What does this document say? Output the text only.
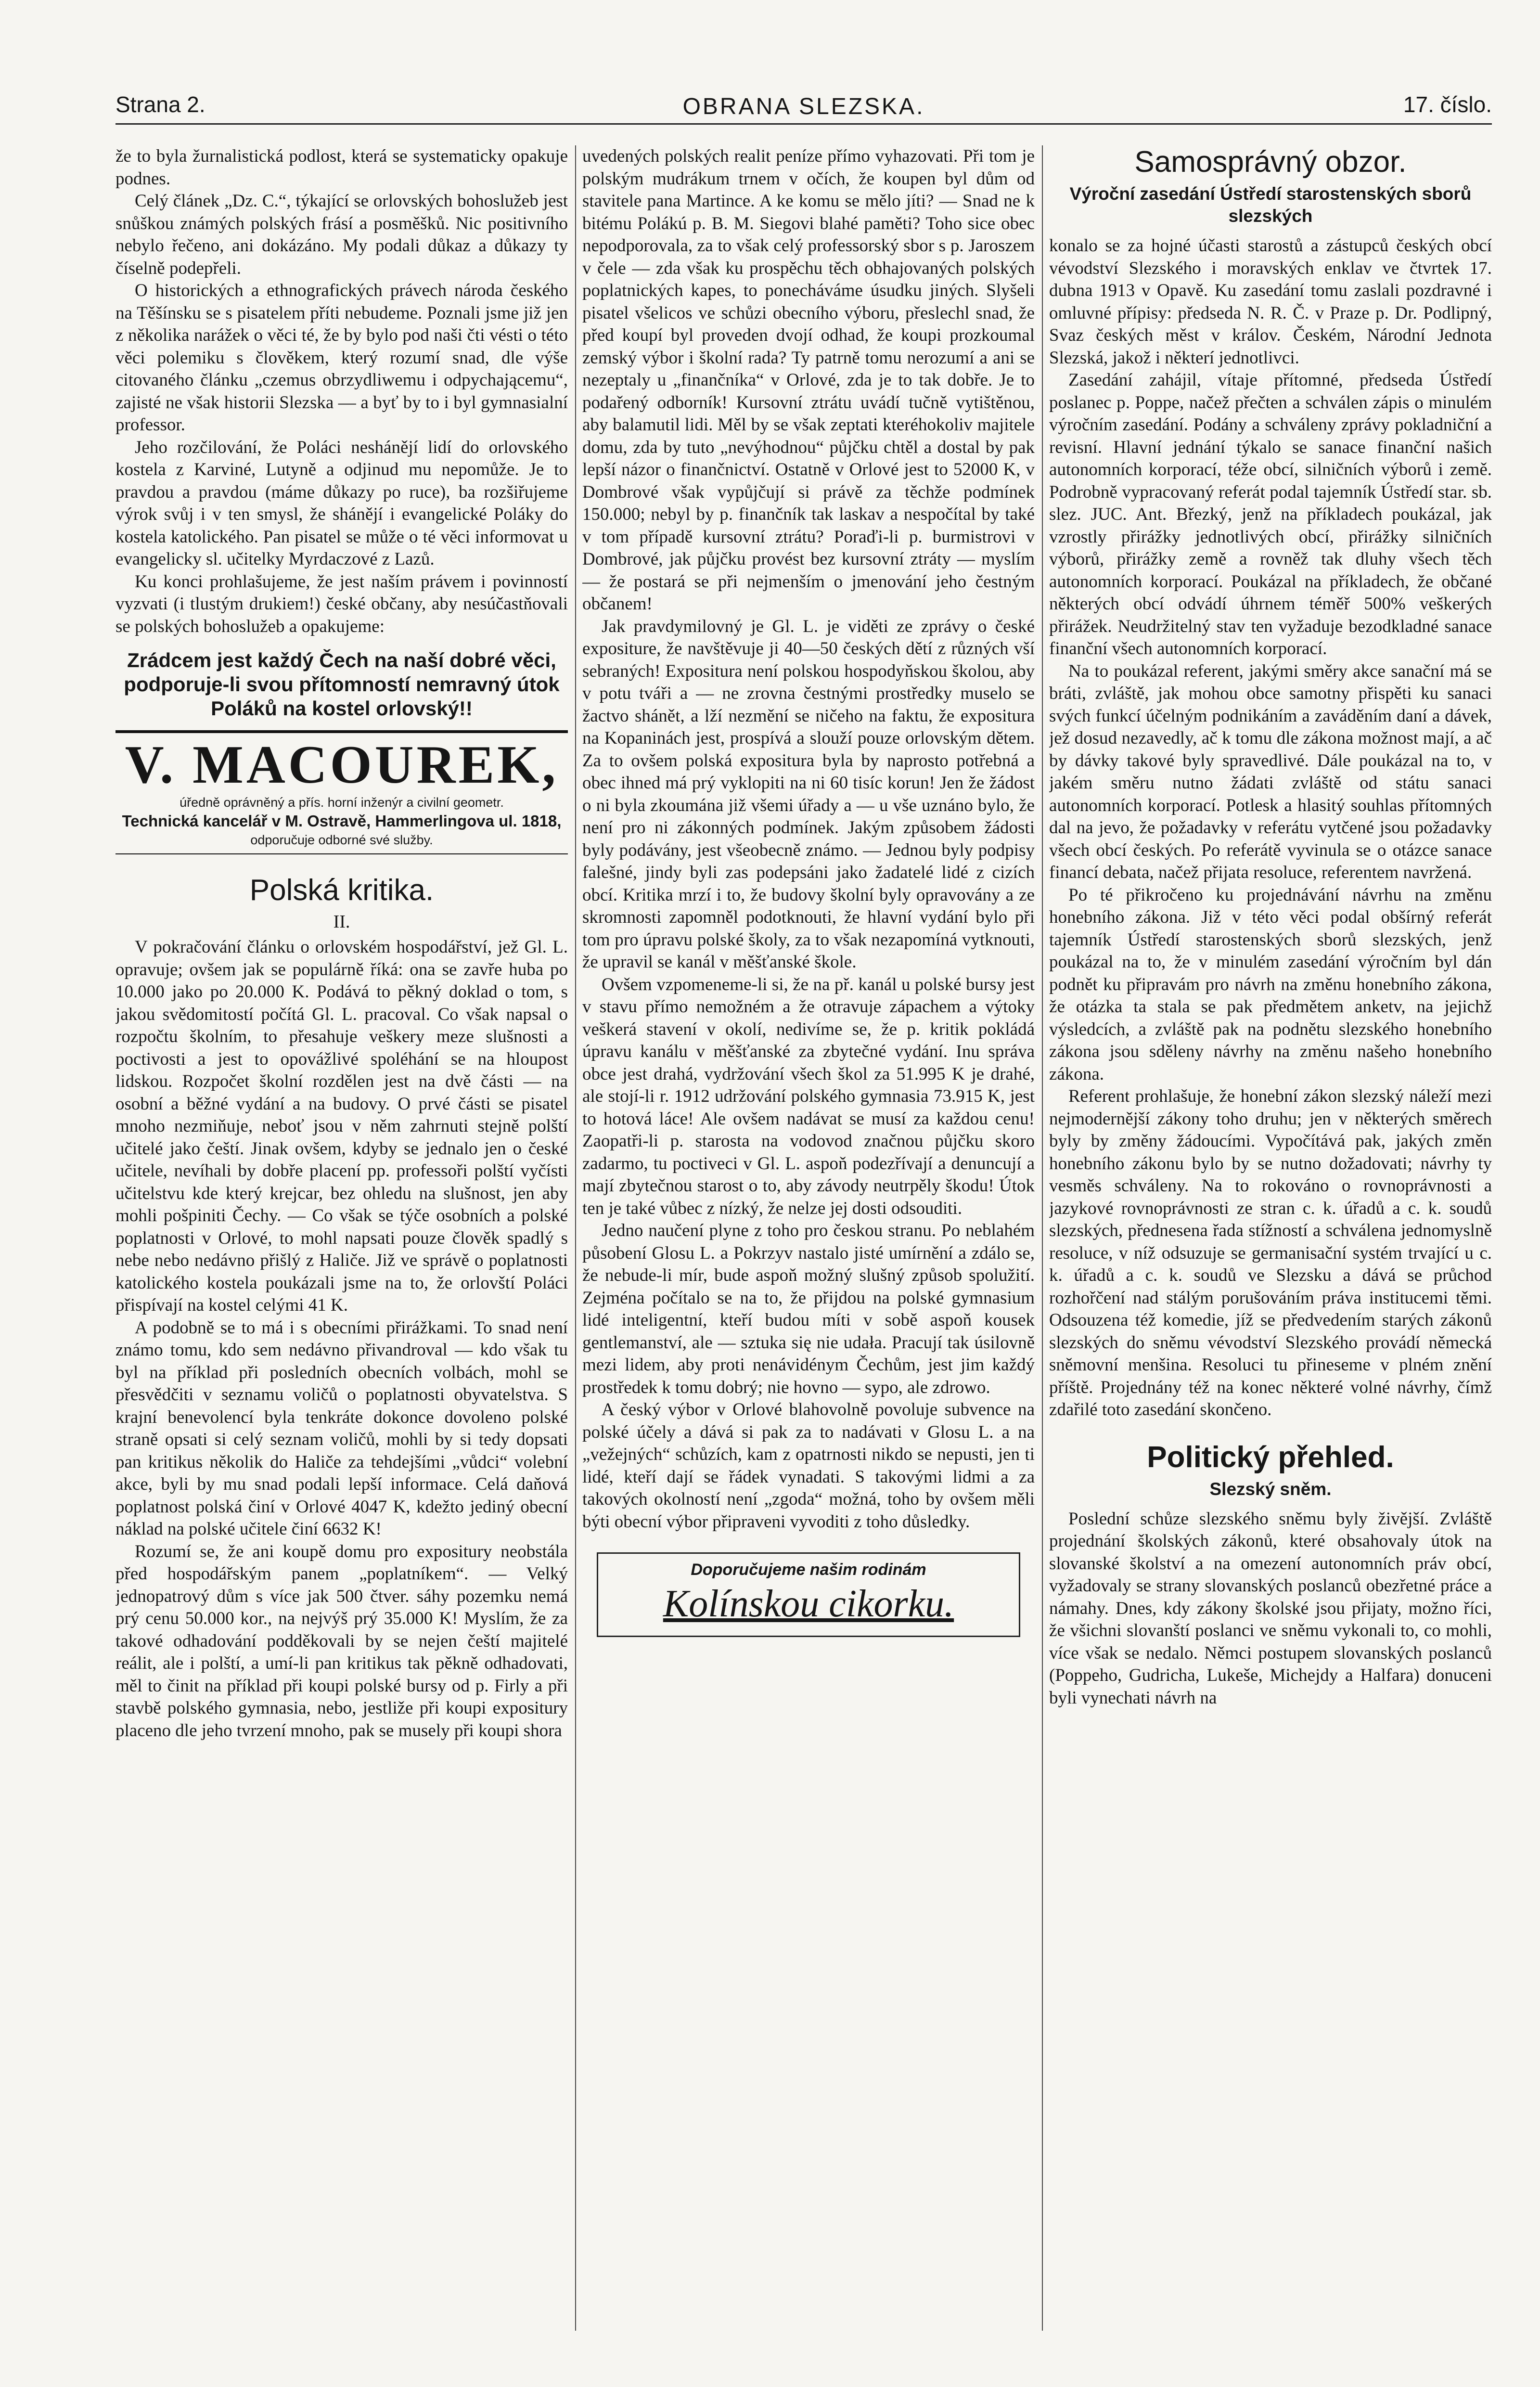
Strana 2.	OBRANA SLEZSKA.	17. číslo.

že to byla žurnalistická podlost, která se systematicky opakuje podnes.

Celý článek „Dz. C.“, týkající se orlovských bohoslužeb jest snůškou známých polských frásí a posměšků. Nic positivního nebylo řečeno, ani dokázáno. My podali důkaz a důkazy ty číselně podepřeli.

O historických a ethnografických právech národa českého na Těšínsku se s pisatelem příti nebudeme. Poznali jsme již jen z několika narážek o věci té, že by bylo pod naši čti vésti o této věci polemiku s člověkem, který rozumí snad, dle výše citovaného článku „czemus obrzydliwemu i odpychającemu“, zajisté ne však historii Slezska — a byť by to i byl gymnasialní professor.

Jeho rozčilování, že Poláci neshánějí lidí do orlovského kostela z Karviné, Lutyně a odjinud mu nepomůže. Je to pravdou a pravdou (máme důkazy po ruce), ba rozšiřujeme výrok svůj i v ten smysl, že shánějí i evangelické Poláky do kostela katolického. Pan pisatel se může o té věci informovat u evangelicky sl. učitelky Myrdaczové z Lazů.

Ku konci prohlašujeme, že jest naším právem i povinností vyzvati (i tlustým drukiem!) české občany, aby nesúčastňovali se polských bohoslužeb a opakujeme:

Zrádcem jest každý Čech na naší dobré věci, podporuje-li svou přítomností nemravný útok Poláků na kostel orlovský!!
V. MACOUREK,
úředně oprávněný a přís. horní inženýr a civilní geometr.
Technická kancelář v M. Ostravě, Hammerlingova ul. 1818,
odporučuje odborné své služby.
Polská kritika.
II.

V pokračování článku o orlovském hospodářství, jež Gl. L. opravuje; ovšem jak se populárně říká: ona se zavře huba po 10.000 jako po 20.000 K. Podává to pěkný doklad o tom, s jakou svědomitostí počítá Gl. L. pracoval. Co však napsal o rozpočtu školním, to přesahuje veškery meze slušnosti a poctivosti a jest to opovážlivé spoléhání se na hloupost lidskou. Rozpočet školní rozdělen jest na dvě části — na osobní a běžné vydání a na budovy. O prvé části se pisatel mnoho nezmiňuje, neboť jsou v něm zahrnuti stejně polští učitelé jako čeští. Jinak ovšem, kdyby se jednalo jen o české učitele, nevíhali by dobře placení pp. professoři polští vyčísti učitelstvu kde který krejcar, bez ohledu na slušnost, jen aby mohli pošpiniti Čechy. — Co však se týče osobních a polské poplatnosti v Orlové, to mohl napsati pouze člověk spadlý s nebe nebo nedávno přišlý z Haliče. Již ve správě o poplatnosti katolického kostela poukázali jsme na to, že orlovští Poláci přispívají na kostel celými 41 K.

A podobně se to má i s obecními přirážkami. To snad není známo tomu, kdo sem nedávno přivandroval — kdo však tu byl na příklad při posledních obecních volbách, mohl se přesvědčiti v seznamu voličů o poplatnosti obyvatelstva. S krajní benevolencí byla tenkráte dokonce dovoleno polské straně opsati si celý seznam voličů, mohli by si tedy dopsati pan kritikus několik do Haliče za tehdejšími „vůdci“ volební akce, byli by mu snad podali lepší informace. Celá daňová poplatnost polská činí v Orlové 4047 K, kdežto jediný obecní náklad na polské učitele činí 6632 K!

Rozumí se, že ani koupě domu pro expositury neobstála před hospodářským panem „poplatníkem“. — Velký jednopatrový dům s více jak 500 čtver. sáhy pozemku nemá prý cenu 50.000 kor., na nejvýš prý 35.000 K! Myslím, že za takové odhadování podděkovali by se nejen čeští majitelé reálit, ale i polští, a umí-li pan kritikus tak pěkně odhadovati, měl to činit na příklad při koupi polské bursy od p. Firly a při stavbě polského gymnasia, nebo, jestliže při koupi expositury placeno dle jeho tvrzení mnoho, pak se musely při koupi shora

uvedených polských realit peníze přímo vyhazovati. Při tom je polským mudrákum trnem v očích, že koupen byl dům od stavitele pana Martince. A ke komu se mělo jíti? — Snad ne k bitému Polákú p. B. M. Siegovi blahé paměti? Toho sice obec nepodporovala, za to však celý professorský sbor s p. Jaroszem v čele — zda však ku prospěchu těch obhajovaných polských poplatnických kapes, to ponecháváme úsudku jiných. Slyšeli pisatel všelicos ve schůzi obecního výboru, přeslechl snad, že před koupí byl proveden dvojí odhad, že koupi prozkoumal zemský výbor i školní rada? Ty patrně tomu nerozumí a ani se nezeptaly u „finančníka“ v Orlové, zda je to tak dobře. Je to podařený odborník! Kursovní ztrátu uvádí tučně vytištěnou, aby balamutil lidi. Měl by se však zeptati kteréhokoliv majitele domu, zda by tuto „nevýhodnou“ půjčku chtěl a dostal by pak lepší názor o finančnictví. Ostatně v Orlové jest to 52000 K, v Dombrové však vypůjčují si právě za těchže podmínek 150.000; nebyl by p. finančník tak laskav a nespočítal by také v tom případě kursovní ztrátu? Poraďi-li p. burmistrovi v Dombrové, jak půjčku provést bez kursovní ztráty — myslím — že postará se při nejmenším o jmenování jeho čestným občanem!

Jak pravdymilovný je Gl. L. je viděti ze zprávy o české expositure, že navštěvuje ji 40—50 českých dětí z různých vší sebraných! Expositura není polskou hospodyňskou školou, aby v potu tváři a — ne zrovna čestnými prostředky muselo se žactvo shánět, a lží nezmění se ničeho na faktu, že expositura na Kopaninách jest, prospívá a slouží pouze orlovským dětem. Za to ovšem polská expositura byla by naprosto potřebná a obec ihned má prý vyklopiti na ni 60 tisíc korun! Jen že žádost o ni byla zkoumána již všemi úřady a — u vše uznáno bylo, že není pro ni zákonných podmínek. Jakým způsobem žádosti byly podávány, jest všeobecně známo. — Jednou byly podpisy falešné, jindy byli zas podepsáni jako žadatelé lidé z cizích obcí. Kritika mrzí i to, že budovy školní byly opravovány a ze skromnosti zapomněl podotknouti, že hlavní vydání bylo při tom pro úpravu polské školy, za to však nezapomíná vytknouti, že upravil se kanál v měšťanské škole.

Ovšem vzpomeneme-li si, že na př. kanál u polské bursy jest v stavu přímo nemožném a že otravuje zápachem a výtoky veškerá stavení v okolí, nedivíme se, že p. kritik pokládá úpravu kanálu v měšťanské za zbytečné vydání. Inu správa obce jest drahá, vydržování všech škol za 51.995 K je drahé, ale stojí-li r. 1912 udržování polského gymnasia 73.915 K, jest to hotová láce! Ale ovšem nadávat se musí za každou cenu! Zaopatři-li p. starosta na vodovod značnou půjčku skoro zadarmo, tu poctiveci v Gl. L. aspoň podezřívají a denuncují a mají zbytečnou starost o to, aby závody neutrpěly škodu! Útok ten je také vůbec z nízký, že nelze jej dosti odsouditi.

Jedno naučení plyne z toho pro českou stranu. Po neblahém působení Glosu L. a Pokrzyv nastalo jisté umírnění a zdálo se, že nebude-li mír, bude aspoň možný slušný způsob spolužití. Zejména počítalo se na to, že přijdou na polské gymnasium lidé inteligentní, kteří budou míti v sobě aspoň kousek gentlemanství, ale — sztuka się nie udała. Pracují tak úsilovně mezi lidem, aby proti nenávidénym Čechům, jest jim každý prostředek k tomu dobrý; nie hovno — sypo, ale zdrowo.

A český výbor v Orlové blahovolně povoluje subvence na polské účely a dává si pak za to nadávati v Glosu L. a na „vežejných“ schůzích, kam z opatrnosti nikdo se nepusti, jen ti lidé, kteří dají se řádek vynadati. S takovými lidmi a za takových okolností není „zgoda“ možná, toho by ovšem měli býti obecní výbor připraveni vyvoditi z toho důsledky.

Doporučujeme našim rodinám
Kolínskou cikorku.
Samosprávný obzor.
Výroční zasedání Ústředí starostenských sborů slezských

konalo se za hojné účasti starostů a zástupců českých obcí vévodství Slezského i moravských enklav ve čtvrtek 17. dubna 1913 v Opavě. Ku zasedání tomu zaslali pozdravné i omluvné přípisy: předseda N. R. Č. v Praze p. Dr. Podlipný, Svaz českých měst v králov. Českém, Národní Jednota Slezská, jakož i některí jednotlivci.

Zasedání zahájil, vítaje přítomné, předseda Ústředí poslanec p. Poppe, načež přečten a schválen zápis o minulém výročním zasedání. Podány a schváleny zprávy pokladniční a revisní. Hlavní jednání týkalo se sanace finanční našich autonomních korporací, téže obcí, silničních výborů i země. Podrobně vypracovaný referát podal tajemník Ústředí star. sb. slez. JUC. Ant. Březký, jenž na příkladech poukázal, jak vzrostly přirážky jednotlivých obcí, přirážky silničních výborů, přirážky země a rovněž tak dluhy všech těch autonomních korporací. Poukázal na příkladech, že občané některých obcí odvádí úhrnem téměř 500% veškerých přirážek. Neudržitelný stav ten vyžaduje bezodkladné sanace finanční všech autonomních korporací.

Na to poukázal referent, jakými směry akce sanační má se bráti, zvláště, jak mohou obce samotny přispěti ku sanaci svých funkcí účelným podnikáním a zaváděním daní a dávek, jež dosud nezavedly, ač k tomu dle zákona možnost mají, a ač by dávky takové byly spravedlivé. Dále poukázal na to, v jakém směru nutno žádati zvláště od státu sanaci autonomních korporací. Potlesk a hlasitý souhlas přítomných dal na jevo, že požadavky v referátu vytčené jsou požadavky všech obcí českých. Po referátě vyvinula se o otázce sanace financí debata, načež přijata resoluce, referentem navržená.

Po té přikročeno ku projednávání návrhu na změnu honebního zákona. Již v této věci podal obšírný referát tajemník Ústředí starostenských sborů slezských, jenž poukázal na to, že v minulém zasedání výročním byl dán podnět ku připravám pro návrh na změnu honebního zákona, že otázka ta stala se pak předmětem anketv, na jejichž výsledcích, a zvláště pak na podnětu slezského honebního zákona jsou sděleny návrhy na změnu našeho honebního zákona.

Referent prohlašuje, že honební zákon slezský náleží mezi nejmodernější zákony toho druhu; jen v některých směrech byly by změny žádoucími. Vypočítává pak, jakých změn honebního zákonu bylo by se nutno dožadovati; návrhy ty vesměs schváleny. Na to rokováno o rovnoprávnosti a jazykové rovnoprávnosti ze stran c. k. úřadů a c. k. soudů slezských, přednesena řada stížností a schválena jednomyslně resoluce, v níž odsuzuje se germanisační systém trvající u c. k. úřadů a c. k. soudů ve Slezsku a dává se průchod rozhořčení nad stálým porušováním práva institucemi těmi. Odsouzena též komedie, jíž se předvedením starých zákonů slezských do sněmu vévodství Slezského provádí německá sněmovní menšina. Resoluci tu přineseme v plném znění příště. Projednány též na konec některé volné návrhy, čímž zdařilé toto zasedání skončeno.

Politický přehled.
Slezský sněm.

Poslední schůze slezského sněmu byly živější. Zvláště projednání školských zákonů, které obsahovaly útok na slovanské školství a na omezení autonomních práv obcí, vyžadovaly se strany slovanských poslanců obezřetné práce a námahy. Dnes, kdy zákony školské jsou přijaty, možno říci, že všichni slovanští poslanci ve sněmu vykonali to, co mohli, více však se nedalo. Němci postupem slovanských poslanců (Poppeho, Gudricha, Lukeše, Michejdy a Halfara) donuceni byli vynechati návrh na
